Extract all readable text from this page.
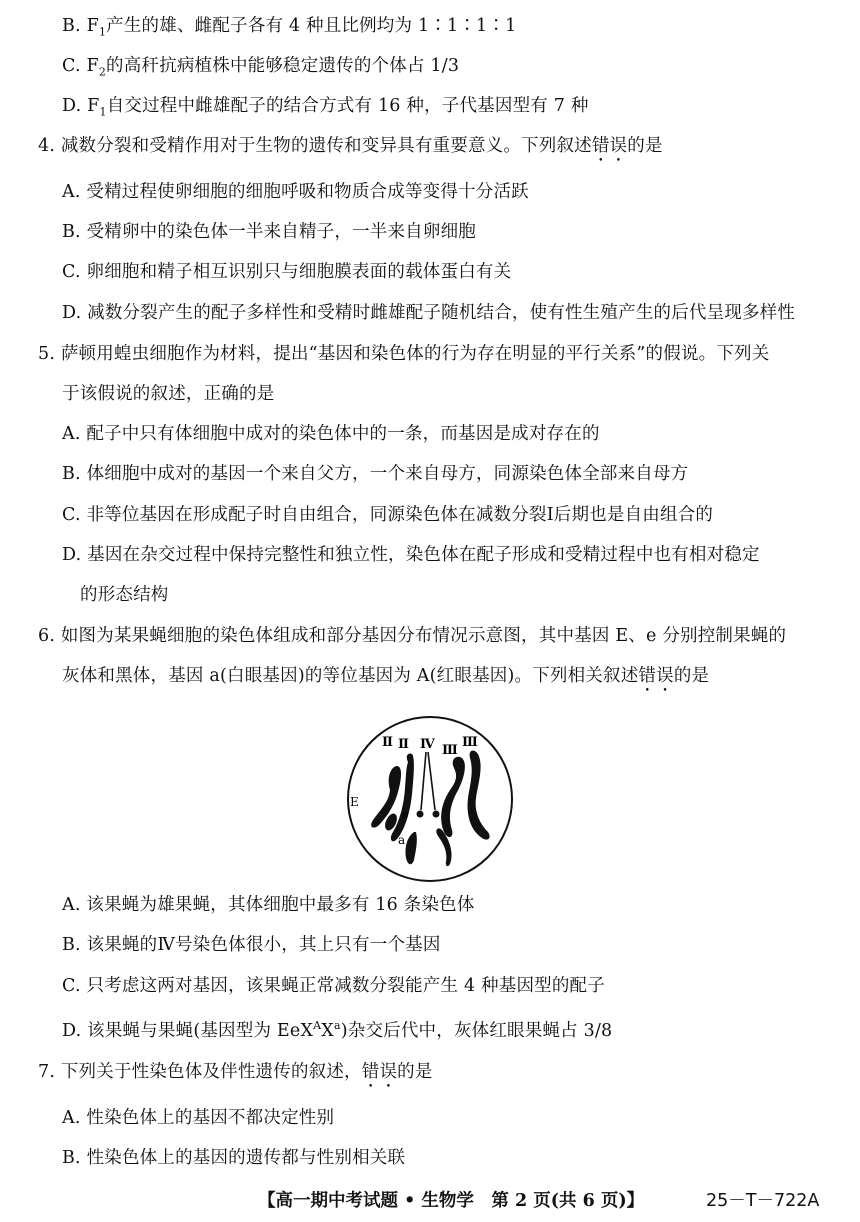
B. $F_1$产生的雄、雌配子各有 4 种且比例均为 1∶1∶1∶1
C. $F_2$的高秆抗病植株中能够稳定遗传的个体占 1/3
D. $F_1$自交过程中雌雄配子的结合方式有 16 种，子代基因型有 7 种
4. 减数分裂和受精作用对于生物的遗传和变异具有重要意义。下列叙述错误的是
A. 受精过程使卵细胞的细胞呼吸和物质合成等变得十分活跃
B. 受精卵中的染色体一半来自精子，一半来自卵细胞
C. 卵细胞和精子相互识别只与细胞膜表面的载体蛋白有关
D. 减数分裂产生的配子多样性和受精时雌雄配子随机结合，使有性生殖产生的后代呈现多样性
5. 萨顿用蝗虫细胞作为材料，提出“基因和染色体的行为存在明显的平行关系”的假说。下列关
于该假说的叙述，正确的是
A. 配子中只有体细胞中成对的染色体中的一条，而基因是成对存在的
B. 体细胞中成对的基因一个来自父方，一个来自母方，同源染色体全部来自母方
C. 非等位基因在形成配子时自由组合，同源染色体在减数分裂Ⅰ后期也是自由组合的
D. 基因在杂交过程中保持完整性和独立性，染色体在配子形成和受精过程中也有相对稳定
的形态结构
6. 如图为某果蝇细胞的染色体组成和部分基因分布情况示意图，其中基因 E、e 分别控制果蝇的
灰体和黑体，基因 a(白眼基因)的等位基因为 A(红眼基因)。下列相关叙述错误的是
Ⅱ Ⅱ Ⅳ Ⅲ
Ⅲ
E
e
a
A. 该果蝇为雄果蝇，其体细胞中最多有 16 条染色体
B. 该果蝇的Ⅳ号染色体很小，其上只有一个基因
C. 只考虑这两对基因，该果蝇正常减数分裂能产生 4 种基因型的配子
D. 该果蝇与果蝇(基因型为 $EeX^AX^a$)杂交后代中，灰体红眼果蝇占 3/8
7. 下列关于性染色体及伴性遗传的叙述，错误的是
A. 性染色体上的基因不都决定性别
B. 性染色体上的基因的遗传都与性别相关联
【高一期中考试题 • 生物学　第 2 页(共 6 页)】	25－T－722A
